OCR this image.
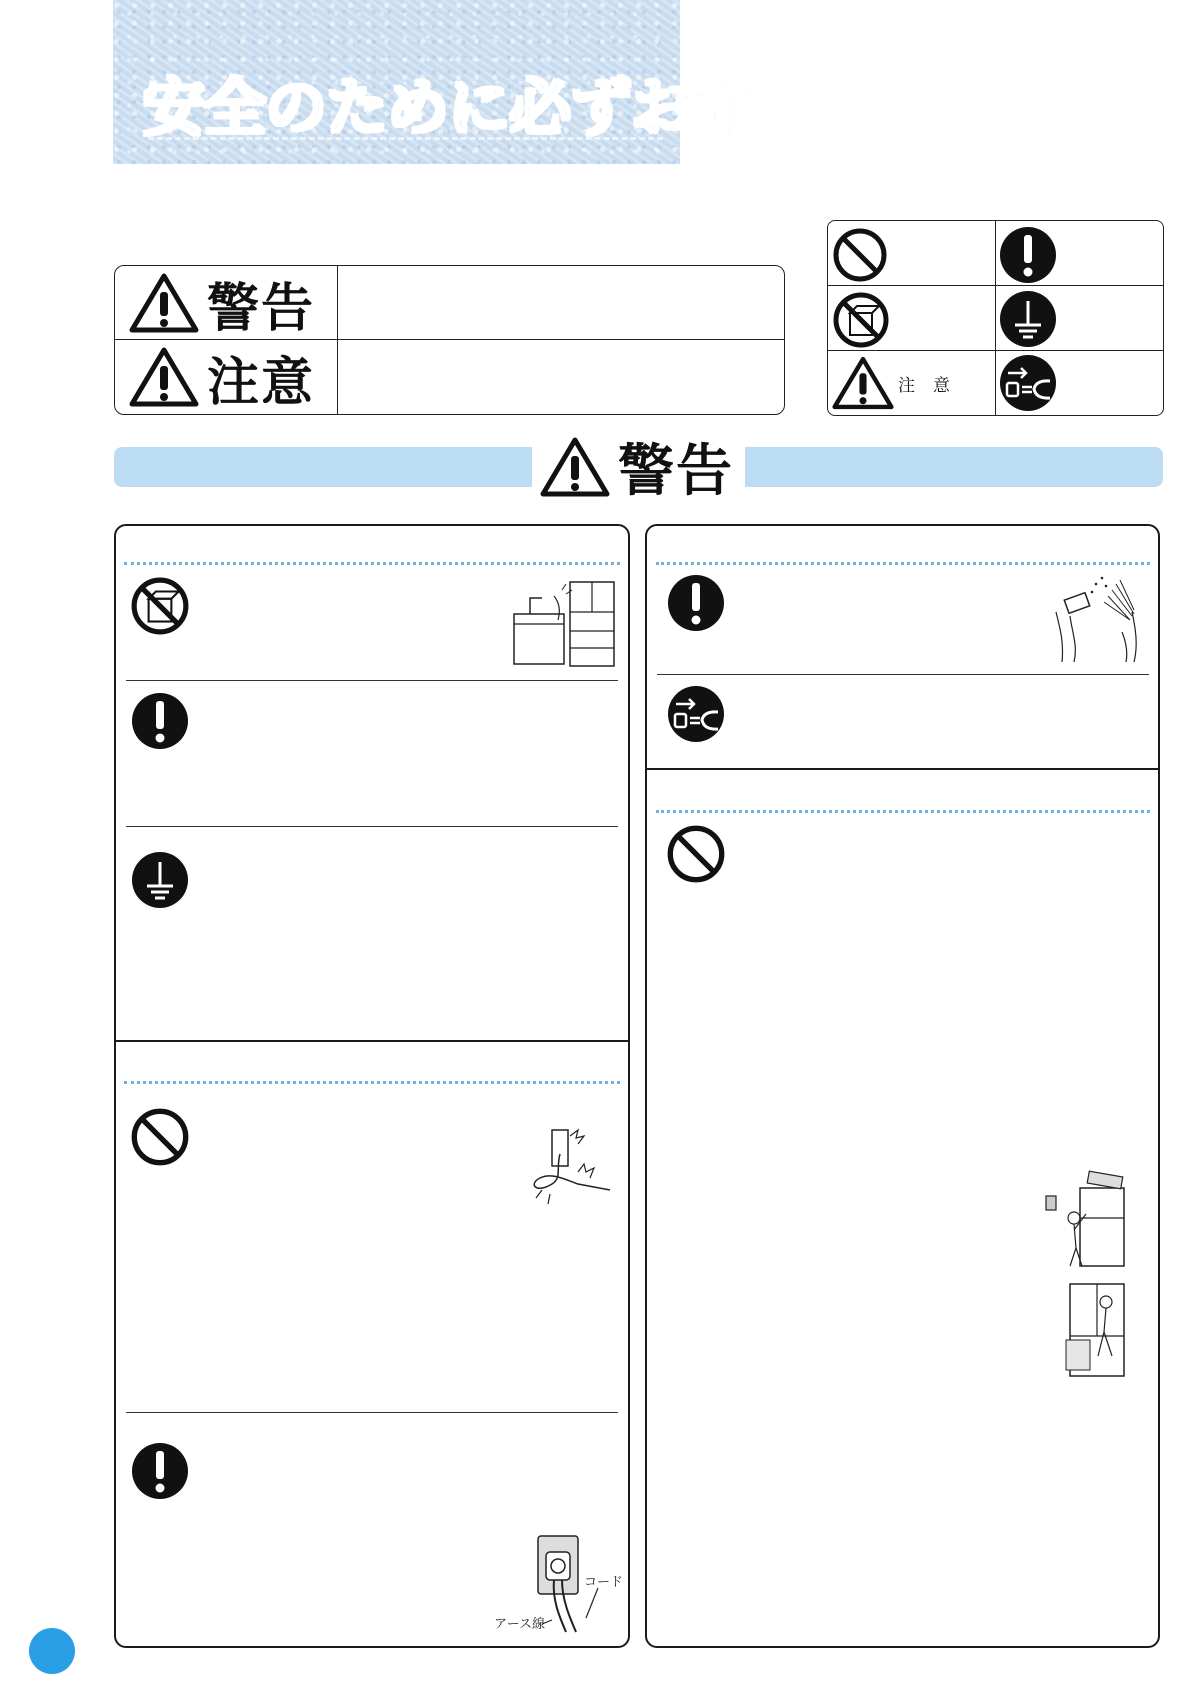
安全のために必ずお守
警告
注意	注意
警告
アース線
コード
